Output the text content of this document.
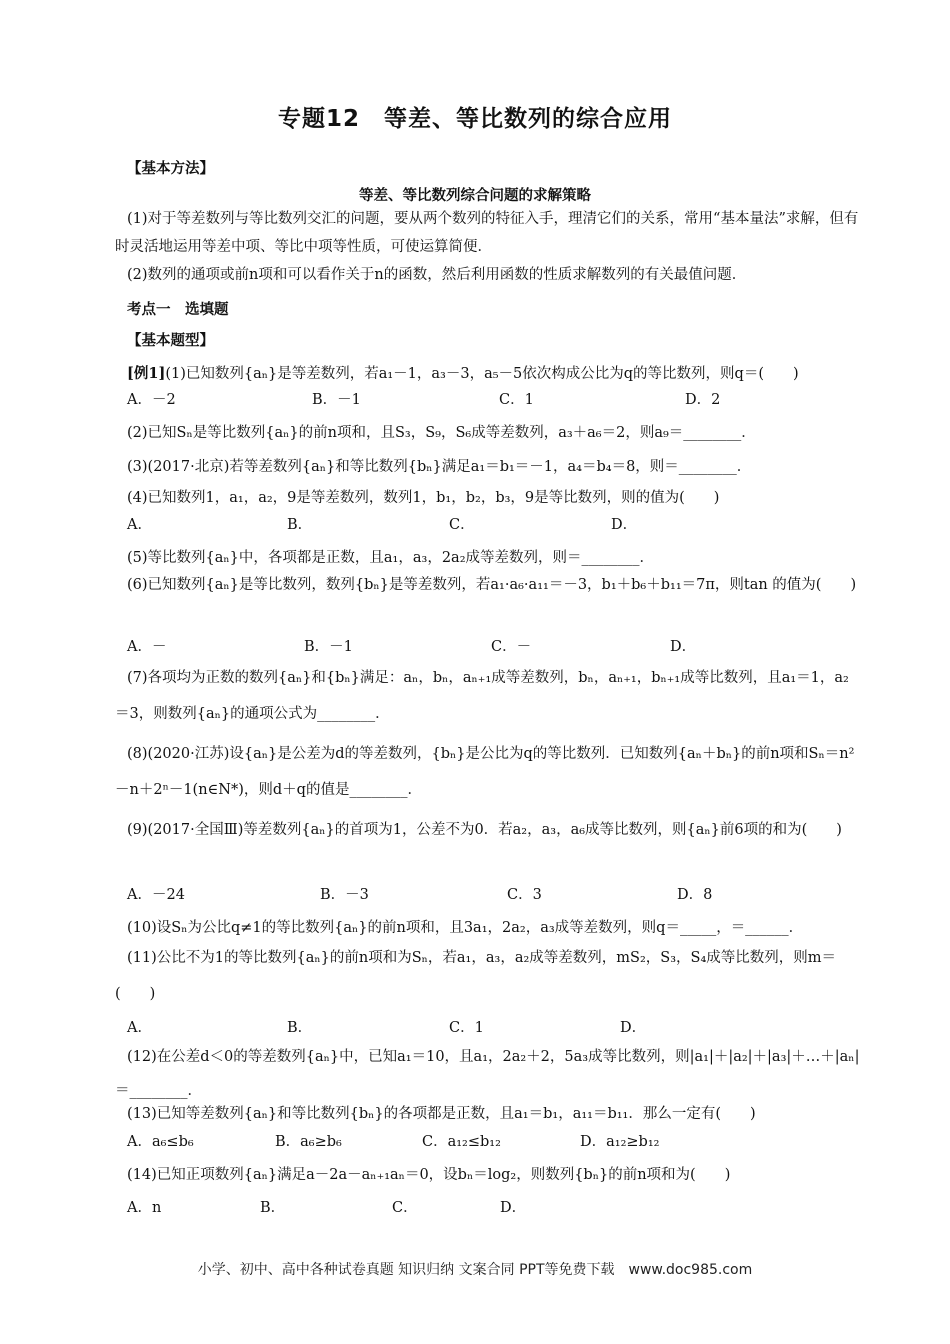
专题12　等差、等比数列的综合应用
【基本方法】
等差、等比数列综合问题的求解策略
(1)对于等差数列与等比数列交汇的问题，要从两个数列的特征入手，理清它们的关系，常用“基本量法”求解，但有时灵活地运用等差中项、等比中项等性质，可使运算简便．
(2)数列的通项或前n项和可以看作关于n的函数，然后利用函数的性质求解数列的有关最值问题．
考点一　选填题
【基本题型】
[例1](1)已知数列{aₙ}是等差数列，若a₁－1，a₃－3，a₅－5依次构成公比为q的等比数列，则q＝(　　)
A．－2	B．－1	C．1	D．2
(2)已知Sₙ是等比数列{aₙ}的前n项和，且S₃，S₉，S₆成等差数列，a₃＋a₆＝2，则a₉＝________．
(3)(2017·北京)若等差数列{aₙ}和等比数列{bₙ}满足a₁＝b₁＝－1，a₄＝b₄＝8，则＝________．
(4)已知数列1，a₁，a₂，9是等差数列，数列1，b₁，b₂，b₃，9是等比数列，则的值为(　　)
A．	B．	C．	D．
(5)等比数列{aₙ}中，各项都是正数，且a₁，a₃，2a₂成等差数列，则＝________．
(6)已知数列{aₙ}是等比数列，数列{bₙ}是等差数列，若a₁·a₆·a₁₁＝－3，b₁＋b₆＋b₁₁＝7π，则tan 的值为(　　)
A．－	B．－1	C．－	D．
(7)各项均为正数的数列{aₙ}和{bₙ}满足：aₙ，bₙ，aₙ₊₁成等差数列，bₙ，aₙ₊₁，bₙ₊₁成等比数列，且a₁＝1，a₂＝3，则数列{aₙ}的通项公式为________．
(8)(2020·江苏)设{aₙ}是公差为d的等差数列，{bₙ}是公比为q的等比数列．已知数列{aₙ＋bₙ}的前n项和Sₙ＝n²－n＋2ⁿ－1(n∈N*)，则d＋q的值是________．
(9)(2017·全国Ⅲ)等差数列{aₙ}的首项为1，公差不为0．若a₂，a₃，a₆成等比数列，则{aₙ}前6项的和为(　　)
A．－24	B．－3	C．3	D．8
(10)设Sₙ为公比q≠1的等比数列{aₙ}的前n项和，且3a₁，2a₂，a₃成等差数列，则q＝_____，＝______．
(11)公比不为1的等比数列{aₙ}的前n项和为Sₙ，若a₁，a₃，a₂成等差数列，mS₂，S₃，S₄成等比数列，则m＝(　　)
A．	B．	C．1	D．
(12)在公差d＜0的等差数列{aₙ}中，已知a₁＝10，且a₁，2a₂＋2，5a₃成等比数列，则|a₁|＋|a₂|＋|a₃|＋…＋|aₙ|＝________．
(13)已知等差数列{aₙ}和等比数列{bₙ}的各项都是正数，且a₁＝b₁，a₁₁＝b₁₁．那么一定有(　　)
A．a₆≤b₆	B．a₆≥b₆	C．a₁₂≤b₁₂	D．a₁₂≥b₁₂
(14)已知正项数列{aₙ}满足a－2a－aₙ₊₁aₙ＝0，设bₙ＝log₂，则数列{bₙ}的前n项和为(　　)
A．n	B．	C．	D．
小学、初中、高中各种试卷真题 知识归纳 文案合同 PPT等免费下载　www.doc985.com
